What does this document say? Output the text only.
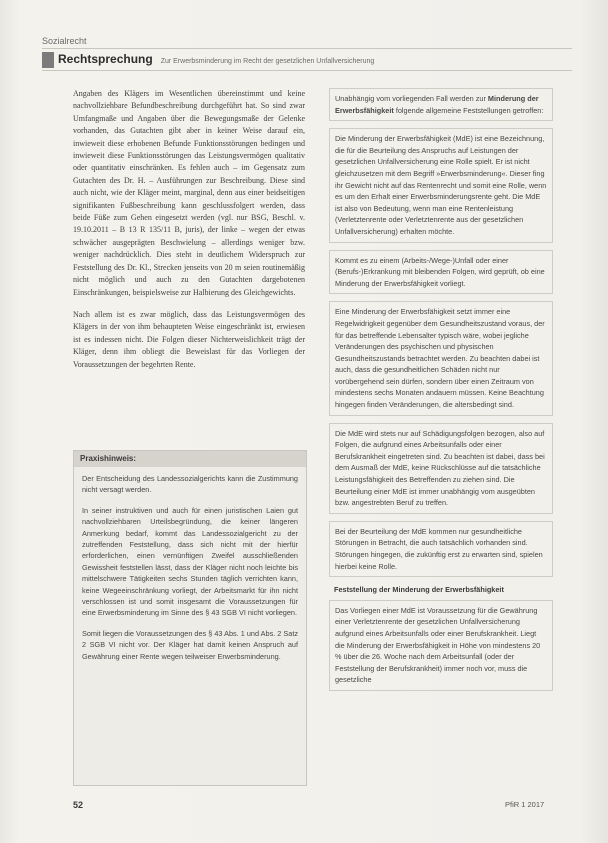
Sozialrecht
Rechtsprechung Zur Erwerbsminderung im Recht der gesetzlichen Unfallversicherung

Angaben des Klägers im Wesentlichen übereinstimmt und keine nachvollziehbare Befundbeschreibung durchgeführt hat. So sind zwar Umfangmaße und Angaben über die Bewegungsmaße der Gelenke vorhanden, das Gutachten gibt aber in keiner Weise darauf ein, inwieweit diese erhobenen Befunde Funktionsstörungen bedingen und inwieweit diese Funktionsstörungen das Leistungsvermögen qualitativ oder quantitativ einschränken. Es fehlen auch – im Gegensatz zum Gutachten des Dr. H. – Ausführungen zur Beschreibung. Diese sind auch nicht, wie der Kläger meint, marginal, denn aus einer beidseitigen signifikanten Fußbeschreibung kann geschlussfolgert werden, dass beide Füße zum Gehen eingesetzt werden (vgl. nur BSG, Beschl. v. 19.10.2011 – B 13 R 135/11 B, juris), der linke – wegen der etwas schwächer ausgeprägten Beschwielung – allerdings weniger bzw. weniger nachdrücklich. Dies steht in deutlichem Widerspruch zur Feststellung des Dr. Kl., Strecken jenseits von 20 m seien routinemäßig nicht möglich und auch zu den Gutachten dargebotenen Einschränkungen, beispielsweise zur Halbierung des Gleichgewichts.

Nach allem ist es zwar möglich, dass das Leistungsvermögen des Klägers in der von ihm behaupteten Weise eingeschränkt ist, erwiesen ist es indessen nicht. Die Folgen dieser Nichterweislichkeit trägt der Kläger, denn ihm obliegt die Beweislast für das Vorliegen der Voraussetzungen der begehrten Rente.

Praxishinweis:

Der Entscheidung des Landessozialgerichts kann die Zustimmung nicht versagt werden.

In seiner instruktiven und auch für einen juristischen Laien gut nachvollziehbaren Urteilsbegründung, die keiner längeren Anmerkung bedarf, kommt das Landessozialgericht zu der zutreffenden Feststellung, dass sich nicht mit der hierfür erforderlichen, einen vernünftigen Zweifel ausschließenden Gewissheit feststellen lässt, dass der Kläger nicht noch leichte bis mittelschwere Tätigkeiten sechs Stunden täglich verrichten kann, keine Wegeeinschränkung vorliegt, der Arbeitsmarkt für ihn nicht verschlossen ist und somit insgesamt die Voraussetzungen für eine Erwerbsminderung im Sinne des § 43 SGB VI nicht vorliegen.

Somit liegen die Voraussetzungen des § 43 Abs. 1 und Abs. 2 Satz 2 SGB VI nicht vor. Der Kläger hat damit keinen Anspruch auf Gewährung einer Rente wegen teilweiser Erwerbsminderung.

Unabhängig vom vorliegenden Fall werden zur Minderung der Erwerbsfähigkeit folgende allgemeine Feststellungen getroffen:

Die Minderung der Erwerbsfähigkeit (MdE) ist eine Bezeichnung, die für die Beurteilung des Anspruchs auf Leistungen der gesetzlichen Unfallversicherung eine Rolle spielt. Er ist nicht gleichzusetzen mit dem Begriff »Erwerbsminderung«. Dieser fing ihr Gewicht nicht auf das Rentenrecht und somit eine Rolle, wenn es um den Erhalt einer Erwerbsminderungsrente geht. Die MdE ist also von Bedeutung, wenn man eine Rentenleistung (Verletztenrente oder Verletztenrente aus der gesetzlichen Unfallversicherung) erhalten möchte.

Kommt es zu einem (Arbeits-/Wege-)Unfall oder einer (Berufs-)Erkrankung mit bleibenden Folgen, wird geprüft, ob eine Minderung der Erwerbsfähigkeit vorliegt.

Eine Minderung der Erwerbsfähigkeit setzt immer eine Regelwidrigkeit gegenüber dem Gesundheitszustand voraus, der für das betreffende Lebensalter typisch wäre, wobei jegliche Veränderungen des psychischen und physischen Gesundheitszustands betrachtet werden. Zu beachten dabei ist auch, dass die gesundheitlichen Schäden nicht nur vorübergehend sein dürfen, sondern über einen Zeitraum von mindestens sechs Monaten andauern müssen. Keine Beachtung hingegen finden Veränderungen, die altersbedingt sind.

Die MdE wird stets nur auf Schädigungsfolgen bezogen, also auf Folgen, die aufgrund eines Arbeitsunfalls oder einer Berufskrankheit eingetreten sind. Zu beachten ist dabei, dass bei dem Ausmaß der MdE, keine Rückschlüsse auf die tatsächliche Leistungsfähigkeit des Betreffenden zu ziehen sind. Die Beurteilung einer MdE ist immer unabhängig vom ausgeübten bzw. angestrebten Beruf zu treffen.

Bei der Beurteilung der MdE kommen nur gesundheitliche Störungen in Betracht, die auch tatsächlich vorhanden sind. Störungen hingegen, die zukünftig erst zu erwarten sind, spielen hierbei keine Rolle.

Feststellung der Minderung der Erwerbsfähigkeit

Das Vorliegen einer MdE ist Voraussetzung für die Gewährung einer Verletztenrente der gesetzlichen Unfallversicherung aufgrund eines Arbeitsunfalls oder einer Berufskrankheit. Liegt die Minderung der Erwerbsfähigkeit in Höhe von mindestens 20 % über die 26. Woche nach dem Arbeitsunfall (oder der Feststellung der Berufskrankheit) immer noch vor, muss die gesetzliche

52	PfiR 1 2017
